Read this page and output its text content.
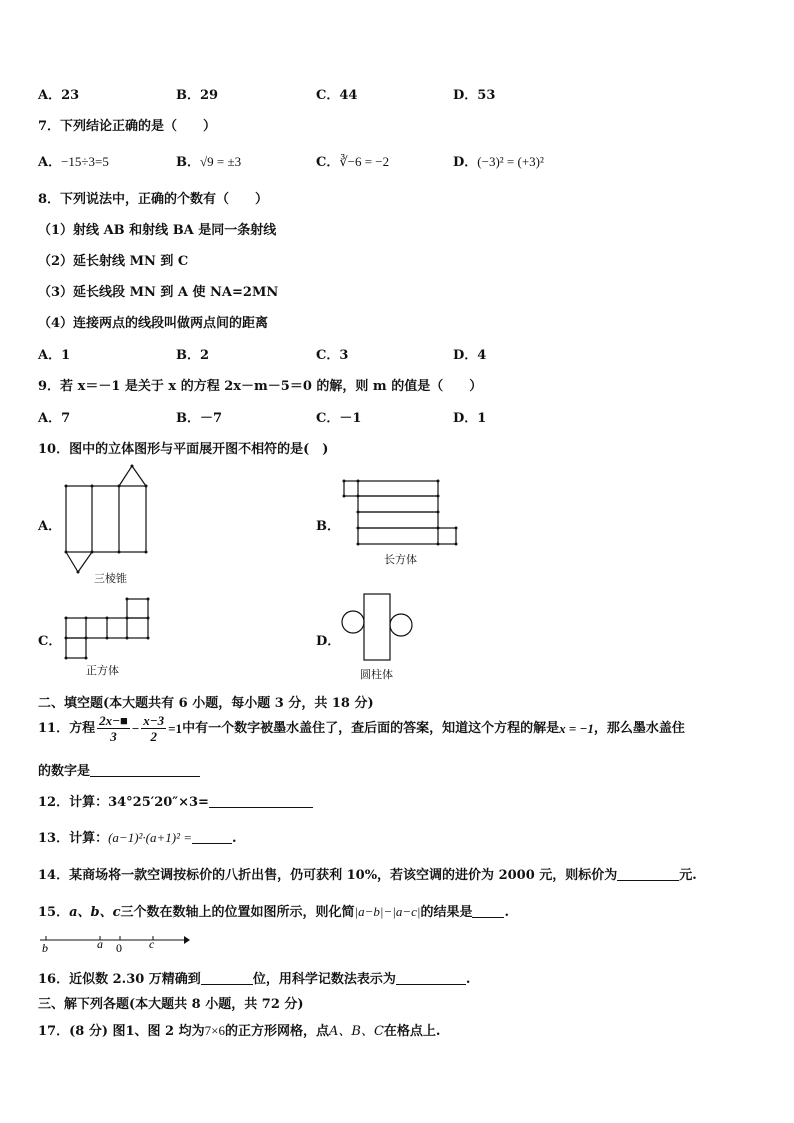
A．23	B．29	C．44	D．53
7．下列结论正确的是（　　）
A．−15÷3=5	B．√9 = ±3	C．∛−6 = −2	D．(−3)² = (+3)²
8．下列说法中，正确的个数有（　　）
（1）射线 AB 和射线 BA 是同一条射线
（2）延长射线 MN 到 C
（3）延长线段 MN 到 A 使 NA=2MN
（4）连接两点的线段叫做两点间的距离
A．1	B．2	C．3	D．4
9．若 x＝－1 是关于 x 的方程 2x－m－5＝0 的解，则 m 的值是（　　）
A．7	B．－7	C．－1	D．1
10．图中的立体图形与平面展开图不相符的是(　)
A．	B．
C．	D．
三棱锥
长方体
正方体	圆柱体
二、填空题(本大题共有 6 小题，每小题 3 分，共 18 分)
11．方程 $\frac{2x-■}{3} - \frac{x-3}{2} =1$中有一个数字被墨水盖住了，查后面的答案，知道这个方程的解是x = −1，那么墨水盖住
的数字是
12．计算：34°25′20″×3=
13．计算：(a−1)²·(a+1)² =	.
14．某商场将一款空调按标价的八折出售，仍可获利 10%，若该空调的进价为 2000 元，则标价为	元.
15．a、b、c三个数在数轴上的位置如图所示，则化简|a−b|−|a−c|的结果是 .
b	a 0 c
16．近似数 2.30 万精确到	位，用科学记数法表示为	.
三、解下列各题(本大题共 8 小题，共 72 分)
17．(8 分) 图1、图 2 均为7×6的正方形网格，点A、B、C在格点上.
